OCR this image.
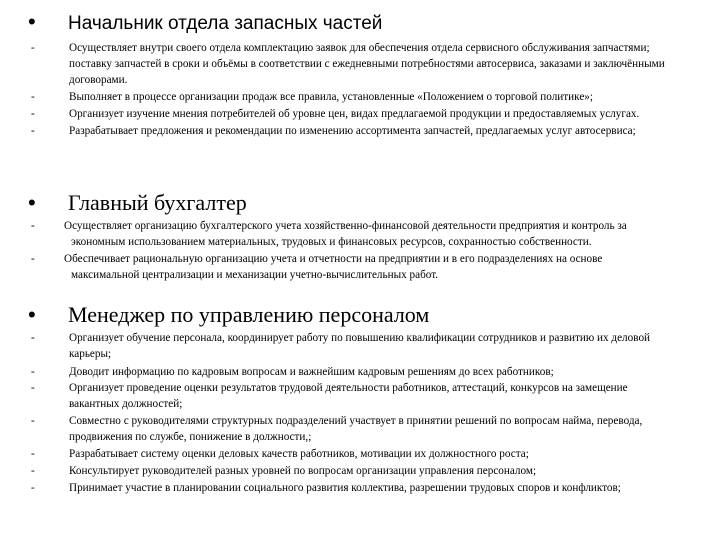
•	Начальник отдела запасных частей
-	Осуществляет внутри своего отдела комплектацию заявок для обеспечения отдела сервисного обслуживания запчастями; поставку запчастей в сроки и объёмы в соответствии с ежедневными потребностями автосервиса, заказами и заключёнными договорами.
-	Выполняет в процессе организации продаж все правила, установленные «Положением о торговой политике»;
-	Организует изучение мнения потребителей об уровне цен, видах предлагаемой продукции и предоставляемых услугах.
-	Разрабатывает предложения и рекомендации по изменению ассортимента запчастей, предлагаемых услуг автосервиса;
•	Главный бухгалтер
-	Осуществляет организацию бухгалтерского учета хозяйственно-финансовой деятельности предприятия и контроль за экономным использованием материальных, трудовых и финансовых ресурсов, сохранностью собственности.
-	Обеспечивает рациональную организацию учета и отчетности на предприятии и в его подразделениях на основе максимальной централизации и механизации учетно-вычислительных работ.
•	Менеджер по управлению персоналом
-	Организует обучение персонала, координирует работу по повышению квалификации сотрудников и развитию их деловой карьеры;
-	Доводит информацию по кадровым вопросам и важнейшим кадровым решениям до всех работников;
-	Организует проведение оценки результатов трудовой деятельности работников, аттестаций, конкурсов на замещение вакантных должностей;
-	Совместно с руководителями структурных подразделений участвует в принятии решений по вопросам найма, перевода, продвижения по службе, понижение в должности,;
-	Разрабатывает систему оценки деловых качеств работников, мотивации их должностного роста;
-	Консультирует руководителей разных уровней по вопросам организации управления персоналом;
-	Принимает участие в планировании социального развития коллектива, разрешении трудовых споров и конфликтов;
